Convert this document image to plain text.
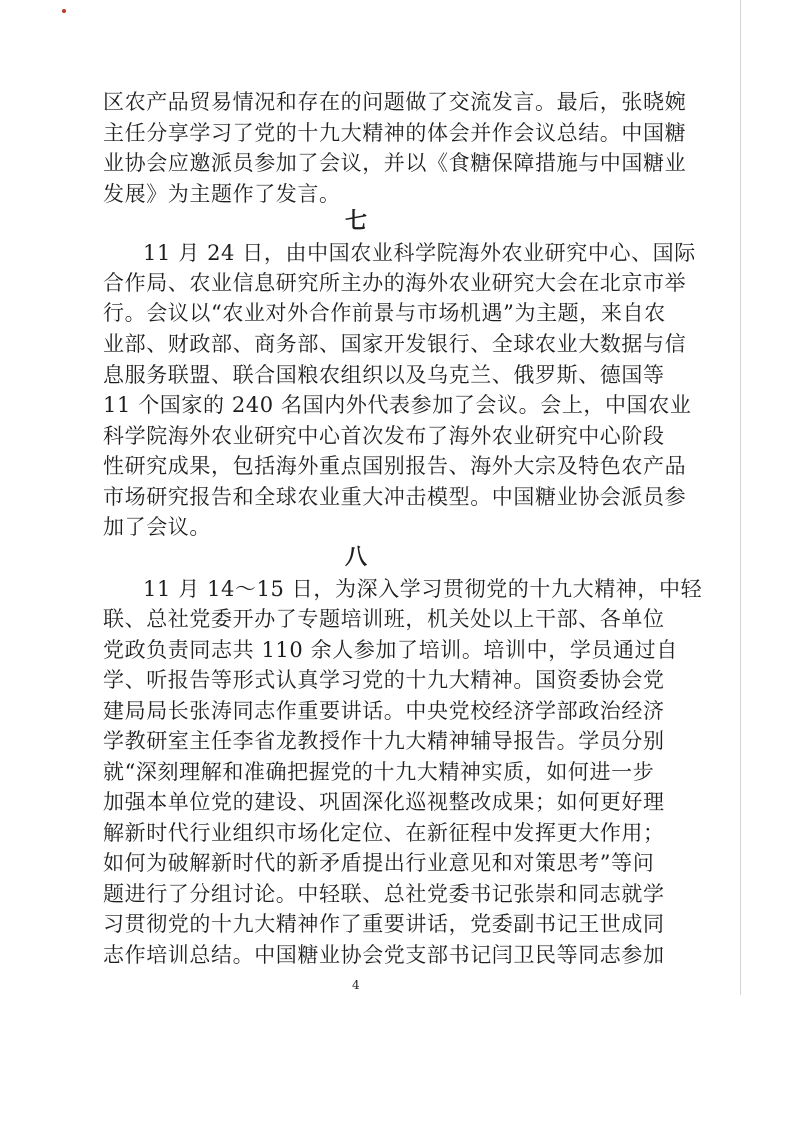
区农产品贸易情况和存在的问题做了交流发言。最后，张晓婉
主任分享学习了党的十九大精神的体会并作会议总结。中国糖
业协会应邀派员参加了会议，并以《食糖保障措施与中国糖业
发展》为主题作了发言。
七
11 月 24 日，由中国农业科学院海外农业研究中心、国际
合作局、农业信息研究所主办的海外农业研究大会在北京市举
行。会议以“农业对外合作前景与市场机遇”为主题，来自农
业部、财政部、商务部、国家开发银行、全球农业大数据与信
息服务联盟、联合国粮农组织以及乌克兰、俄罗斯、德国等
11 个国家的 240 名国内外代表参加了会议。会上，中国农业
科学院海外农业研究中心首次发布了海外农业研究中心阶段
性研究成果，包括海外重点国别报告、海外大宗及特色农产品
市场研究报告和全球农业重大冲击模型。中国糖业协会派员参
加了会议。
八
11 月 14～15 日，为深入学习贯彻党的十九大精神，中轻
联、总社党委开办了专题培训班，机关处以上干部、各单位
党政负责同志共 110 余人参加了培训。培训中，学员通过自
学、听报告等形式认真学习党的十九大精神。国资委协会党
建局局长张涛同志作重要讲话。中央党校经济学部政治经济
学教研室主任李省龙教授作十九大精神辅导报告。学员分别
就“深刻理解和准确把握党的十九大精神实质，如何进一步
加强本单位党的建设、巩固深化巡视整改成果；如何更好理
解新时代行业组织市场化定位、在新征程中发挥更大作用；
如何为破解新时代的新矛盾提出行业意见和对策思考”等问
题进行了分组讨论。中轻联、总社党委书记张崇和同志就学
习贯彻党的十九大精神作了重要讲话，党委副书记王世成同
志作培训总结。中国糖业协会党支部书记闫卫民等同志参加
4
